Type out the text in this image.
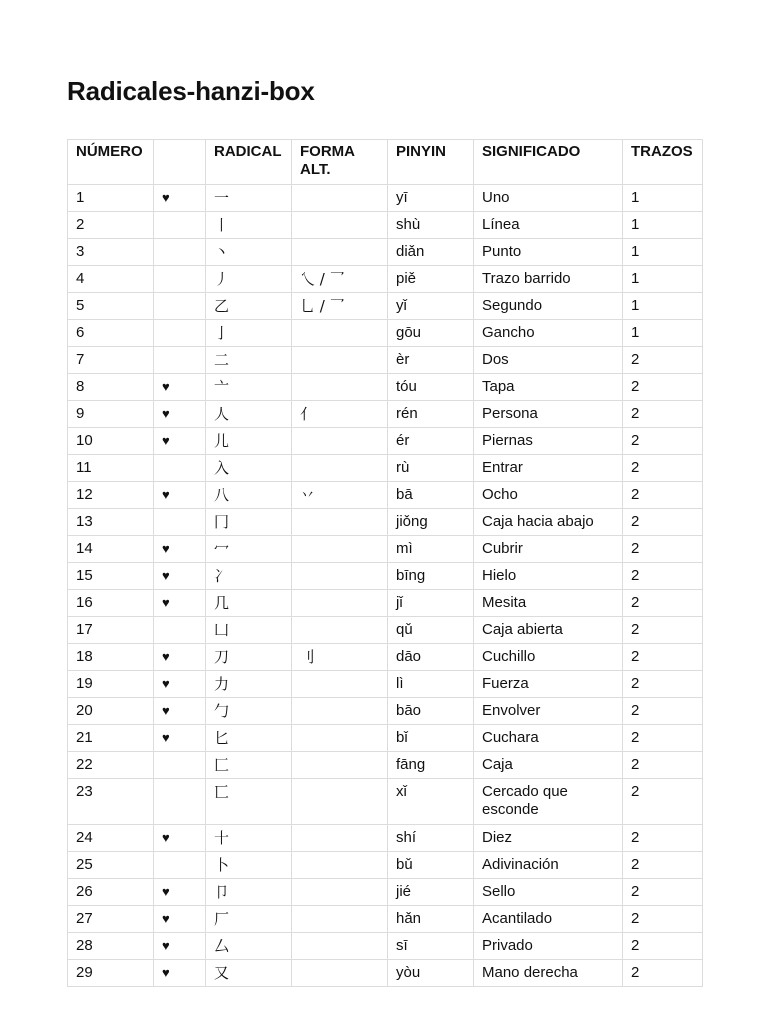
Radicales-hanzi-box
NÚMERO		RADICAL	FORMA ALT.	PINYIN	SIGNIFICADO	TRAZOS
1	♥	一		yī	Uno	1
2		丨		shù	Línea	1
3		丶		diǎn	Punto	1
4		丿	乀 / ⺂	piě	Trazo barrido	1
5		乙	乚 / 乛	yǐ	Segundo	1
6		亅		gōu	Gancho	1
7		二		èr	Dos	2
8	♥	亠		tóu	Tapa	2
9	♥	人	亻	rén	Persona	2
10	♥	儿		ér	Piernas	2
11		入		rù	Entrar	2
12	♥	八	丷	bā	Ocho	2
13		冂		jiǒng	Caja hacia abajo	2
14	♥	冖		mì	Cubrir	2
15	♥	冫		bīng	Hielo	2
16	♥	几		jǐ	Mesita	2
17		凵		qǔ	Caja abierta	2
18	♥	刀	刂	dāo	Cuchillo	2
19	♥	力		lì	Fuerza	2
20	♥	勹		bāo	Envolver	2
21	♥	匕		bǐ	Cuchara	2
22		匚		fāng	Caja	2
23		匸		xǐ	Cercado que esconde	2
24	♥	十		shí	Diez	2
25		卜		bǔ	Adivinación	2
26	♥	卩		jié	Sello	2
27	♥	厂		hǎn	Acantilado	2
28	♥	厶		sī	Privado	2
29	♥	又		yòu	Mano derecha	2
